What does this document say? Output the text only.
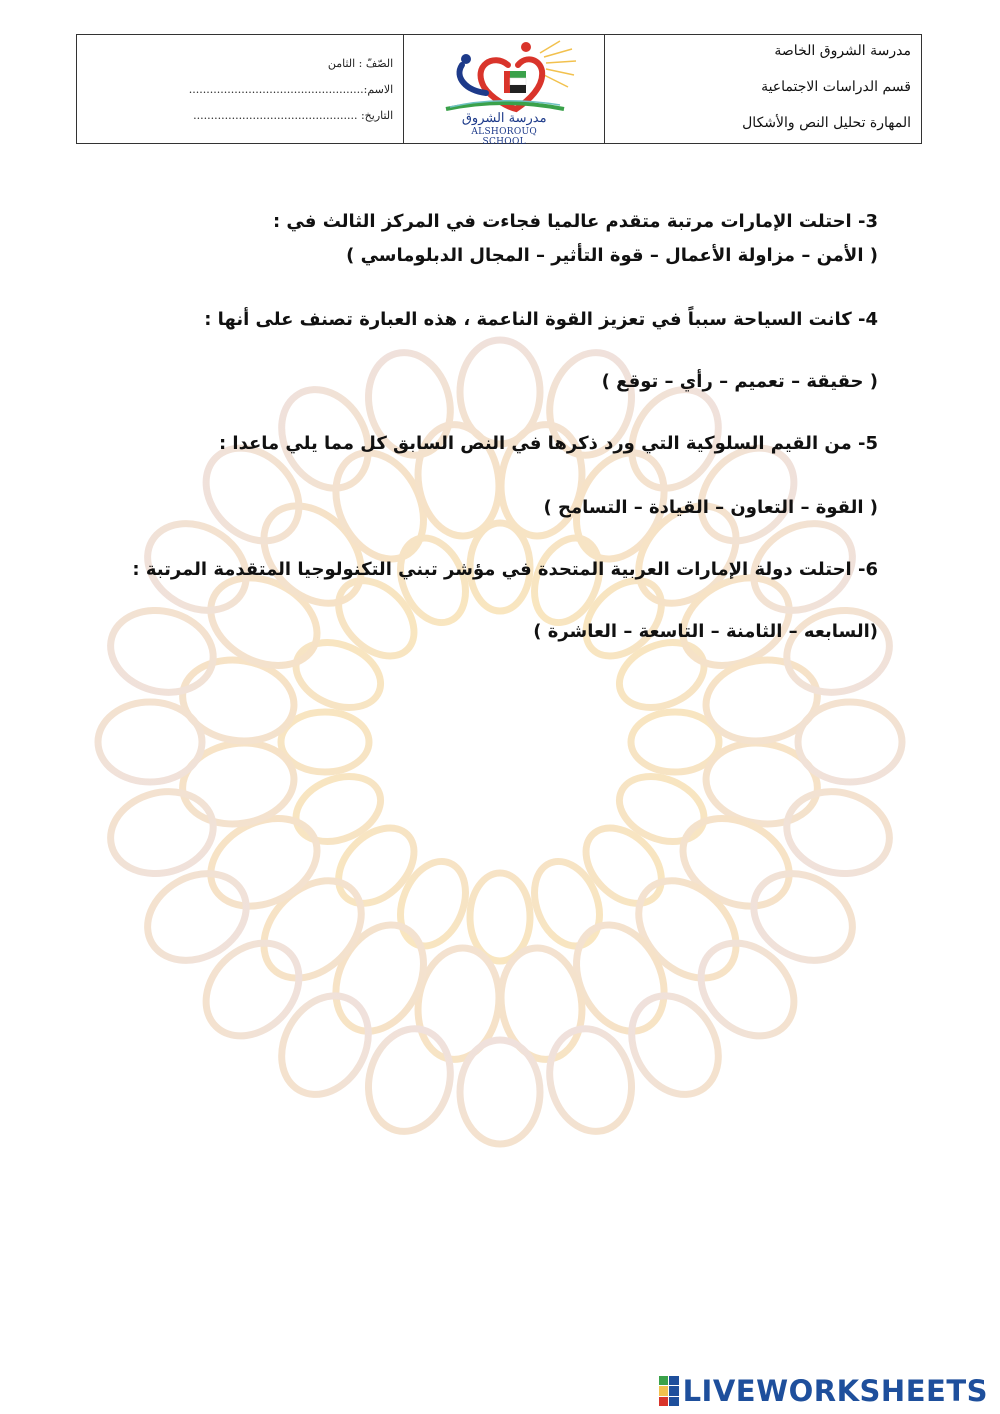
الصّفّ : الثامن
الاسم:..................................................
التاريخ: ...............................................	مدرسة الشروق
ALSHOROUQ SCHOOL
مدرسة الشروق الخاصة
قسم الدراسات الاجتماعية
المهارة تحليل النص والأشكال
3- احتلت الإمارات مرتبة متقدم عالميا فجاءت في المركز الثالث في :
( الأمن – مزاولة الأعمال – قوة التأثير – المجال الدبلوماسي )
4- كانت السياحة سبباً في تعزيز القوة الناعمة ، هذه العبارة تصنف على أنها :
( حقيقة – تعميم – رأي – توقع )
5- من القيم السلوكية التي ورد ذكرها في النص السابق كل مما يلي ماعدا :
( القوة – التعاون – القيادة – التسامح )
6- احتلت دولة الإمارات العربية المتحدة في مؤشر تبني التكنولوجيا المتقدمة المرتبة :
(السابعه – الثامنة – التاسعة – العاشرة )
LIVEWORKSHEETS
